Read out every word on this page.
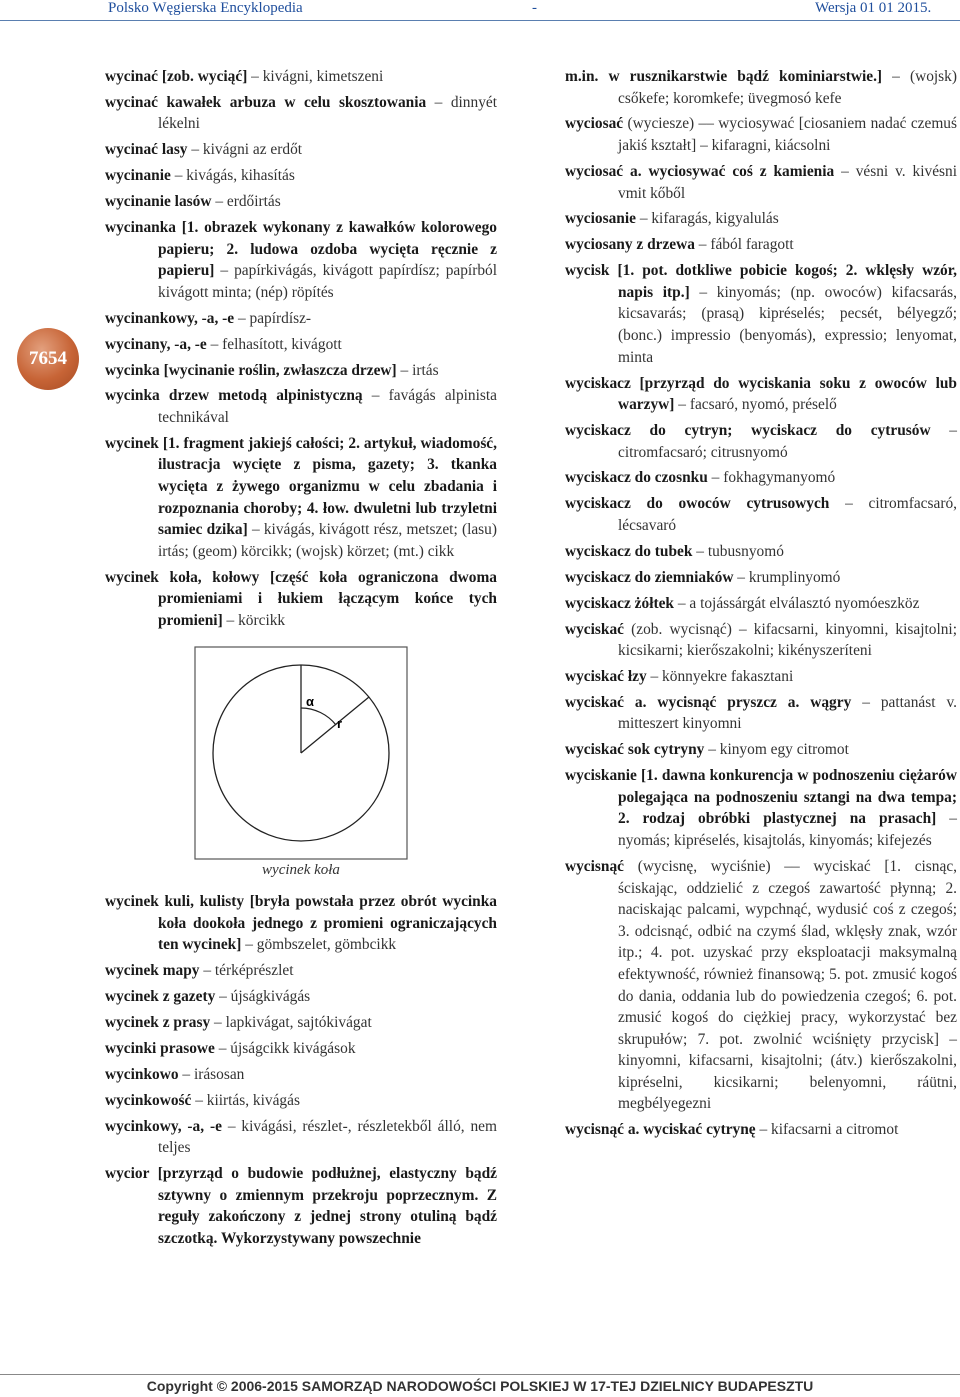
Polsko Węgierska Encyklopedia	-	Wersja 01 01 2015.
7654
wycinać [zob. wyciąć] – kivágni, kimetszeni
wycinać kawałek arbuza w celu skosztowania – dinnyét lékelni
wycinać lasy – kivágni az erdőt
wycinanie – kivágás, kihasítás
wycinanie lasów – erdőirtás
wycinanka [1. obrazek wykonany z kawałków kolorowego papieru; 2. ludowa ozdoba wycięta ręcznie z papieru] – papírkivágás, kivágott papírdísz; papírból kivágott minta; (nép) röpítés
wycinankowy, -a, -e – papírdísz-
wycinany, -a, -e – felhasított, kivágott
wycinka [wycinanie roślin, zwłaszcza drzew] – irtás
wycinka drzew metodą alpinistyczną – favágás alpinista technikával
wycinek [1. fragment jakiejś całości; 2. artykuł, wiadomość, ilustracja wycięte z pisma, gazety; 3. tkanka wycięta z żywego organizmu w celu zbadania i rozpoznania choroby; 4. łow. dwuletni lub trzyletni samiec dzika] – kivágás, kivágott rész, metszet; (lasu) irtás; (geom) körcikk; (wojsk) körzet; (mt.) cikk
wycinek koła, kołowy [część koła ograniczona dwoma promieniami i łukiem łączącym końce tych promieni] – körcikk
α
r
wycinek koła
wycinek kuli, kulisty [bryła powstała przez obrót wycinka koła dookoła jednego z promieni ograniczających ten wycinek] – gömbszelet, gömbcikk
wycinek mapy – térképrészlet
wycinek z gazety – újságkivágás
wycinek z prasy – lapkivágat, sajtókivágat
wycinki prasowe – újságcikk kivágások
wycinkowo – irásosan
wycinkowość – kiirtás, kivágás
wycinkowy, -a, -e – kivágási, részlet-, részletekből álló, nem teljes
wycior [przyrząd o budowie podłużnej, elastyczny bądź sztywny o zmiennym przekroju poprzecznym. Z reguły zakończony z jednej strony otuliną bądź szczotką. Wykorzystywany powszechnie
m.in. w rusznikarstwie bądź kominiarstwie.] – (wojsk) csőkefe; koromkefe; üvegmosó kefe
wyciosać (wyciesze) –– wyciosywać [ciosaniem nadać czemuś jakiś kształt] – kifaragni, kiácsolni
wyciosać a. wyciosywać coś z kamienia – vésni v. kivésni vmit kőből
wyciosanie – kifaragás, kigyalulás
wyciosany z drzewa – fából faragott
wycisk [1. pot. dotkliwe pobicie kogoś; 2. wklęsły wzór, napis itp.] – kinyomás; (np. owoców) kifacsarás, kicsavarás; (prasą) kipréselés; pecsét, bélyegző; (bonc.) impressio (benyomás), expressio; lenyomat, minta
wyciskacz [przyrząd do wyciskania soku z owoców lub warzyw] – facsaró, nyomó, préselő
wyciskacz do cytryn; wyciskacz do cytrusów – citromfacsaró; citrusnyomó
wyciskacz do czosnku – fokhagymanyomó
wyciskacz do owoców cytrusowych – citromfacsaró, lécsavaró
wyciskacz do tubek – tubusnyomó
wyciskacz do ziemniaków – krumplinyomó
wyciskacz żółtek – a tojássárgát elválasztó nyomóeszköz
wyciskać (zob. wycisnąć) – kifacsarni, kinyomni, kisajtolni; kicsikarni; kierőszakolni; kikényszeríteni
wyciskać łzy – könnyekre fakasztani
wyciskać a. wycisnąć pryszcz a. wągry – pattanást v. mitteszert kinyomni
wyciskać sok cytryny – kinyom egy citromot
wyciskanie [1. dawna konkurencja w podnoszeniu ciężarów polegająca na podnoszeniu sztangi na dwa tempa; 2. rodzaj obróbki plastycznej na prasach] – nyomás; kipréselés, kisajtolás, kinyomás; kifejezés
wycisnąć (wycisnę, wyciśnie) –– wyciskać [1. cisnąc, ściskając, oddzielić z czegoś zawartość płynną; 2. naciskając palcami, wypchnąć, wydusić coś z czegoś; 3. odcisnąć, odbić na czymś ślad, wklęsły znak, wzór itp.; 4. pot. uzyskać przy eksploatacji maksymalną efektywność, również finansową; 5. pot. zmusić kogoś do dania, oddania lub do powiedzenia czegoś; 6. pot. zmusić kogoś do ciężkiej pracy, wykorzystać bez skrupułów; 7. pot. zwolnić wciśnięty przycisk] – kinyomni, kifacsarni, kisajtolni; (átv.) kierőszakolni, kipréselni, kicsikarni; belenyomni, ráütni, megbélyegezni
wycisnąć a. wyciskać cytrynę – kifacsarni a citromot
Copyright © 2006-2015 SAMORZĄD NARODOWOŚCI POLSKIEJ W 17-TEJ DZIELNICY BUDAPESZTU
